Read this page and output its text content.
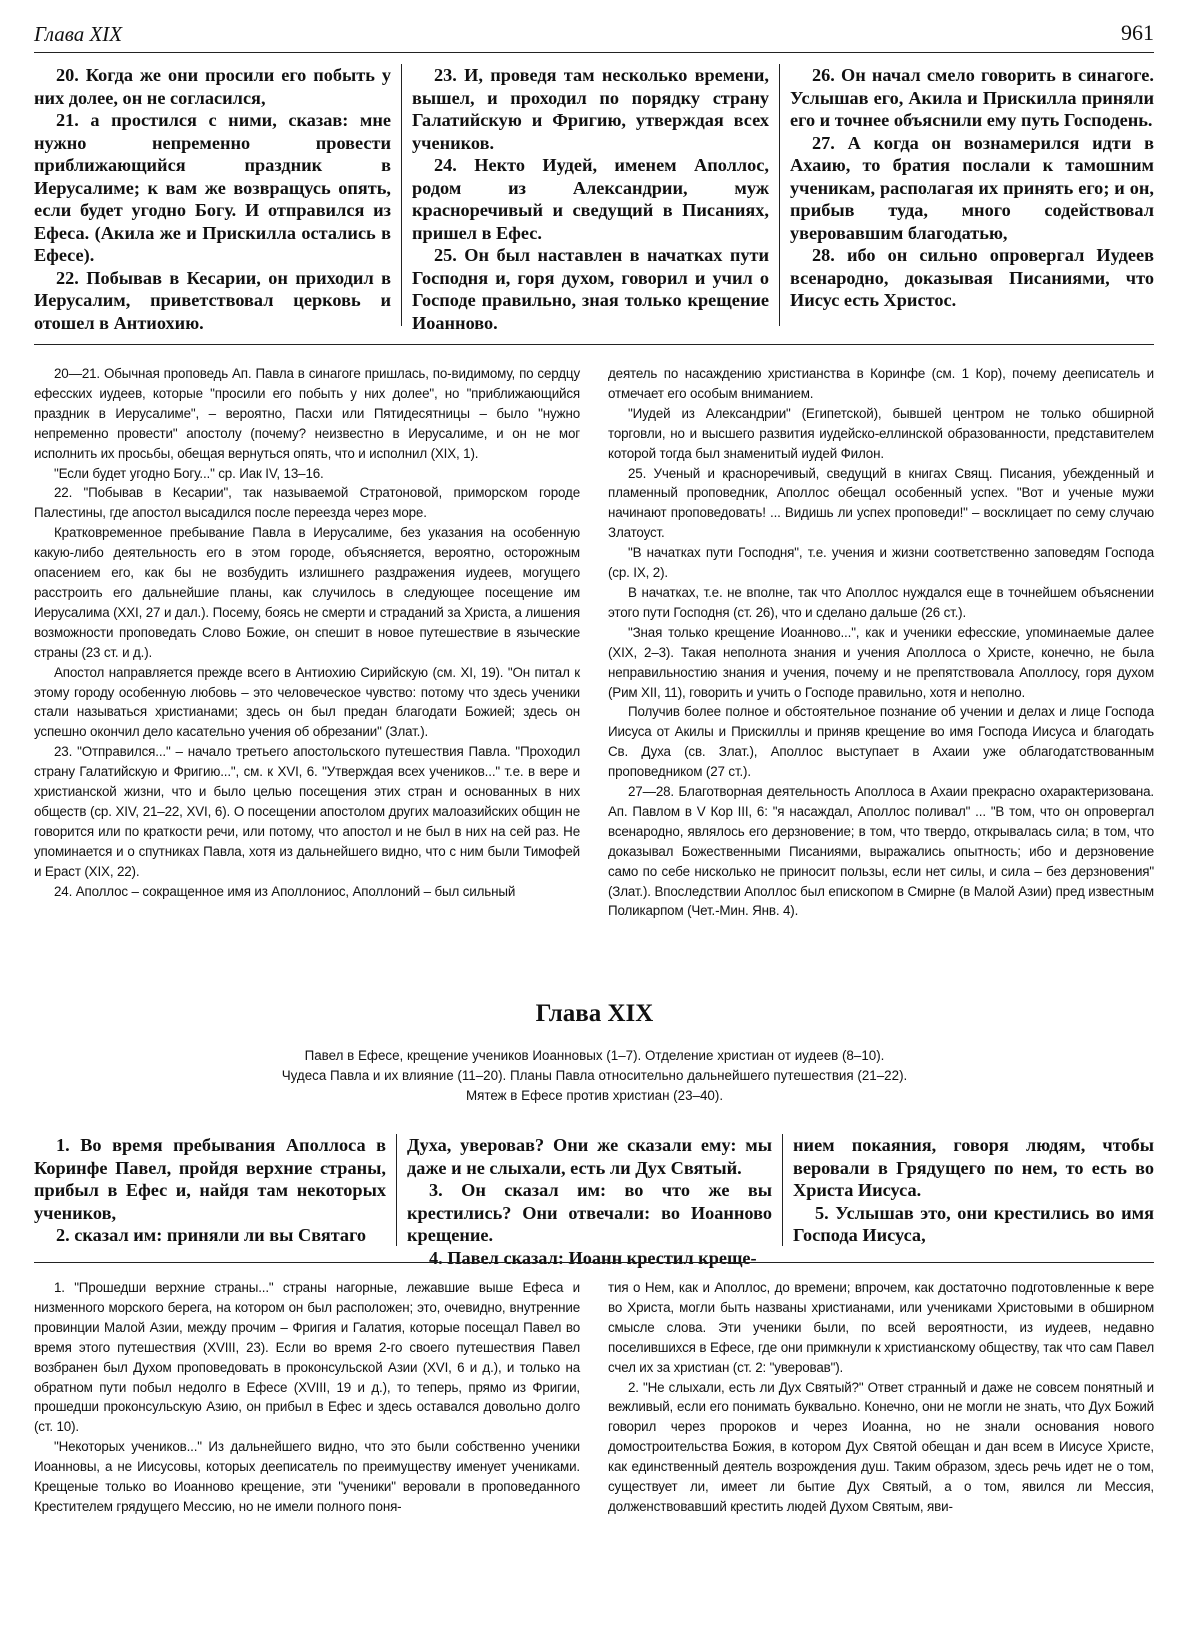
Глава XIX	961

20. Когда же они просили его побыть у них долее, он не согласился,

21. а простился с ними, сказав: мне нужно непременно провести приближающийся праздник в Иерусалиме; к вам же возвращусь опять, если будет угодно Богу. И отправился из Ефеса. (Акила же и Прискилла остались в Ефесе).

22. Побывав в Кесарии, он приходил в Иерусалим, приветствовал церковь и отошел в Антиохию.

23. И, проведя там несколько времени, вышел, и проходил по порядку страну Галатийскую и Фригию, утверждая всех учеников.

24. Некто Иудей, именем Аполлос, родом из Александрии, муж красноречивый и сведущий в Писаниях, пришел в Ефес.

25. Он был наставлен в начатках пути Господня и, горя духом, говорил и учил о Господе правильно, зная только крещение Иоанново.

26. Он начал смело говорить в синагоге. Услышав его, Акила и Прискилла приняли его и точнее объяснили ему путь Господень.

27. А когда он вознамерился идти в Ахаию, то братия послали к тамошним ученикам, располагая их принять его; и он, прибыв туда, много содействовал уверовавшим благодатью,

28. ибо он сильно опровергал Иудеев всенародно, доказывая Писаниями, что Иисус есть Христос.

20—21. Обычная проповедь Ап. Павла в синагоге пришлась, по-видимому, по сердцу ефесских иудеев, которые "просили его побыть у них долее", но "приближающийся праздник в Иерусалиме", – вероятно, Пасхи или Пятидесятницы – было "нужно непременно провести" апостолу (почему? неизвестно в Иерусалиме, и он не мог исполнить их просьбы, обещая вернуться опять, что и исполнил (XIX, 1).

"Если будет угодно Богу..." ср. Иак IV, 13–16.

22. "Побывав в Кесарии", так называемой Стратоновой, приморском городе Палестины, где апостол высадился после переезда через море.

Кратковременное пребывание Павла в Иерусалиме, без указания на особенную какую-либо деятельность его в этом городе, объясняется, вероятно, осторожным опасением его, как бы не возбудить излишнего раздражения иудеев, могущего расстроить его дальнейшие планы, как случилось в следующее посещение им Иерусалима (XXI, 27 и дал.). Посему, боясь не смерти и страданий за Христа, а лишения возможности проповедать Слово Божие, он спешит в новое путешествие в языческие страны (23 ст. и д.).

Апостол направляется прежде всего в Антиохию Сирийскую (см. XI, 19). "Он питал к этому городу особенную любовь – это человеческое чувство: потому что здесь ученики стали называться христианами; здесь он был предан благодати Божией; здесь он успешно окончил дело касательно учения об обрезании" (Злат.).

23. "Отправился..." – начало третьего апостольского путешествия Павла. "Проходил страну Галатийскую и Фригию...", см. к XVI, 6. "Утверждая всех учеников..." т.е. в вере и христианской жизни, что и было целью посещения этих стран и основанных в них обществ (ср. XIV, 21–22, XVI, 6). О посещении апостолом других малоазийских общин не говорится или по краткости речи, или потому, что апостол и не был в них на сей раз. Не упоминается и о спутниках Павла, хотя из дальнейшего видно, что с ним были Тимофей и Ераст (XIX, 22).

24. Аполлос – сокращенное имя из Аполлониос, Аполлоний – был сильный

деятель по насаждению христианства в Коринфе (см. 1 Кор), почему дееписатель и отмечает его особым вниманием.

"Иудей из Александрии" (Египетской), бывшей центром не только обширной торговли, но и высшего развития иудейско-еллинской образованности, представителем которой тогда был знаменитый иудей Филон.

25. Ученый и красноречивый, сведущий в книгах Свящ. Писания, убежденный и пламенный проповедник, Аполлос обещал особенный успех. "Вот и ученые мужи начинают проповедовать! ... Видишь ли успех проповеди!" – восклицает по сему случаю Златоуст.

"В начатках пути Господня", т.е. учения и жизни соответственно заповедям Господа (ср. IX, 2).

В начатках, т.е. не вполне, так что Аполлос нуждался еще в точнейшем объяснении этого пути Господня (ст. 26), что и сделано дальше (26 ст.).

"Зная только крещение Иоанново...", как и ученики ефесские, упоминаемые далее (XIX, 2–3). Такая неполнота знания и учения Аполлоса о Христе, конечно, не была неправильностию знания и учения, почему и не препятствовала Аполлосу, горя духом (Рим XII, 11), говорить и учить о Господе правильно, хотя и неполно.

Получив более полное и обстоятельное познание об учении и делах и лице Господа Иисуса от Акилы и Прискиллы и приняв крещение во имя Господа Иисуса и благодать Св. Духа (св. Злат.), Аполлос выступает в Ахаии уже облагодатствованным проповедником (27 ст.).

27—28. Благотворная деятельность Аполлоса в Ахаии прекрасно охарактеризована. Ап. Павлом в V Кор III, 6: "я насаждал, Аполлос поливал" ... "В том, что он опровергал всенародно, являлось его дерзновение; в том, что твердо, открывалась сила; в том, что доказывал Божественными Писаниями, выражались опытность; ибо и дерзновение само по себе нисколько не приносит пользы, если нет силы, и сила – без дерзновения" (Злат.). Впоследствии Аполлос был епископом в Смирне (в Малой Азии) пред известным Поликарпом (Чет.-Мин. Янв. 4).

Глава XIX
Павел в Ефесе, крещение учеников Иоанновых (1–7). Отделение христиан от иудеев (8–10).
Чудеса Павла и их влияние (11–20). Планы Павла относительно дальнейшего путешествия (21–22).
Мятеж в Ефесе против христиан (23–40).

1. Во время пребывания Аполлоса в Коринфе Павел, пройдя верхние страны, прибыл в Ефес и, найдя там некоторых учеников,

2. сказал им: приняли ли вы Святаго

Духа, уверовав? Они же сказали ему: мы даже и не слыхали, есть ли Дух Святый.

3. Он сказал им: во что же вы крестились? Они отвечали: во Иоанново крещение.

4. Павел сказал: Иоанн крестил креще-

нием покаяния, говоря людям, чтобы веровали в Грядущего по нем, то есть во Христа Иисуса.

5. Услышав это, они крестились во имя Господа Иисуса,

1. "Прошедши верхние страны..." страны нагорные, лежавшие выше Ефеса и низменного морского берега, на котором он был расположен; это, очевидно, внутренние провинции Малой Азии, между прочим – Фригия и Галатия, которые посещал Павел во время этого путешествия (XVIII, 23). Если во время 2-го своего путешествия Павел возбранен был Духом проповедовать в проконсульской Азии (XVI, 6 и д.), и только на обратном пути побыл недолго в Ефесе (XVIII, 19 и д.), то теперь, прямо из Фригии, прошедши проконсульскую Азию, он прибыл в Ефес и здесь оставался довольно долго (ст. 10).

"Некоторых учеников..." Из дальнейшего видно, что это были собственно ученики Иоанновы, а не Иисусовы, которых дееписатель по преимуществу именует учениками. Крещеные только во Иоанново крещение, эти "ученики" веровали в проповеданного Крестителем грядущего Мессию, но не имели полного поня-

тия о Нем, как и Аполлос, до времени; впрочем, как достаточно подготовленные к вере во Христа, могли быть названы христианами, или учениками Христовыми в обширном смысле слова. Эти ученики были, по всей вероятности, из иудеев, недавно поселившихся в Ефесе, где они примкнули к христианскому обществу, так что сам Павел счел их за христиан (ст. 2: "уверовав").

2. "Не слыхали, есть ли Дух Святый?" Ответ странный и даже не совсем понятный и вежливый, если его понимать буквально. Конечно, они не могли не знать, что Дух Божий говорил через пророков и через Иоанна, но не знали основания нового домостроительства Божия, в котором Дух Святой обещан и дан всем в Иисусе Христе, как единственный деятель возрождения душ. Таким образом, здесь речь идет не о том, существует ли, имеет ли бытие Дух Святый, а о том, явился ли Мессия, долженствовавший крестить людей Духом Святым, яви-
